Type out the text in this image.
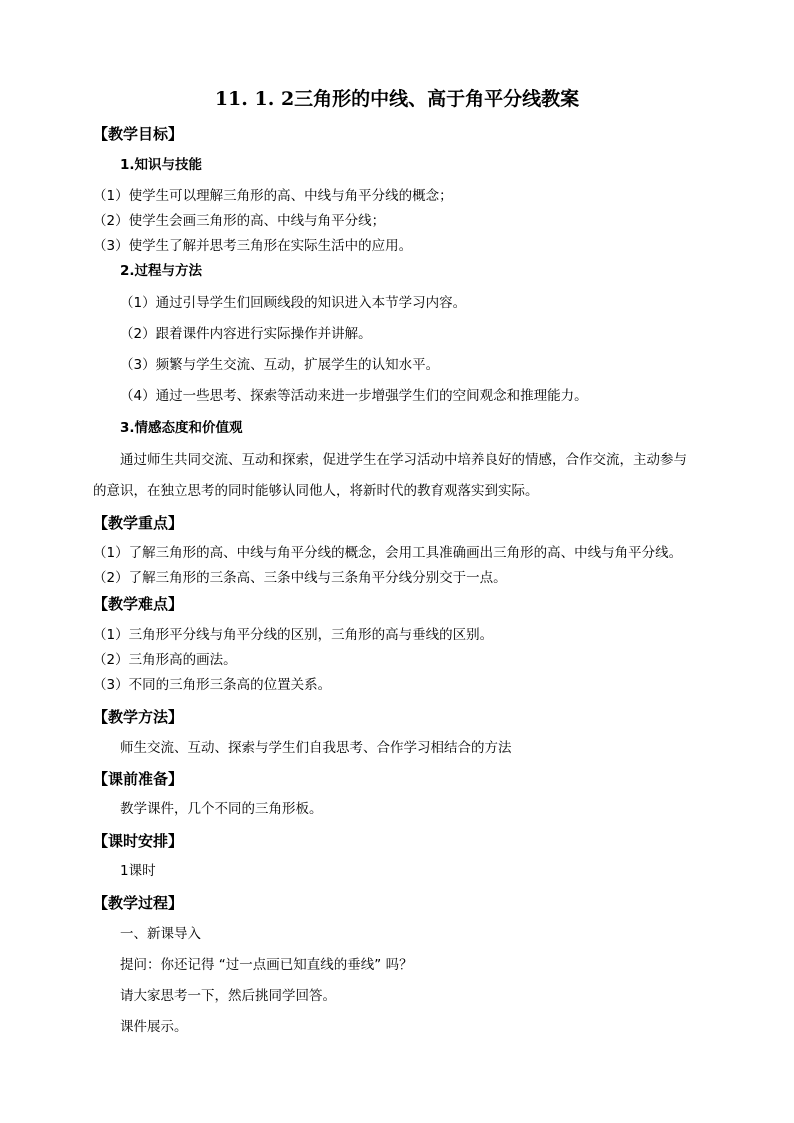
11. 1. 2三角形的中线、高于角平分线教案
【教学目标】
1.知识与技能
（1）使学生可以理解三角形的高、中线与角平分线的概念；
（2）使学生会画三角形的高、中线与角平分线；
（3）使学生了解并思考三角形在实际生活中的应用。
2.过程与方法
（1）通过引导学生们回顾线段的知识进入本节学习内容。
（2）跟着课件内容进行实际操作并讲解。
（3）频繁与学生交流、互动，扩展学生的认知水平。
（4）通过一些思考、探索等活动来进一步增强学生们的空间观念和推理能力。
3.情感态度和价值观
通过师生共同交流、互动和探索，促进学生在学习活动中培养良好的情感，合作交流，主动参与
的意识，在独立思考的同时能够认同他人，将新时代的教育观落实到实际。
【教学重点】
（1）了解三角形的高、中线与角平分线的概念，会用工具准确画出三角形的高、中线与角平分线。
（2）了解三角形的三条高、三条中线与三条角平分线分别交于一点。
【教学难点】
（1）三角形平分线与角平分线的区别，三角形的高与垂线的区别。
（2）三角形高的画法。
（3）不同的三角形三条高的位置关系。
【教学方法】
师生交流、互动、探索与学生们自我思考、合作学习相结合的方法
【课前准备】
教学课件，几个不同的三角形板。
【课时安排】
1课时
【教学过程】
一、新课导入
提问：你还记得 “过一点画已知直线的垂线” 吗？
请大家思考一下，然后挑同学回答。
课件展示。
